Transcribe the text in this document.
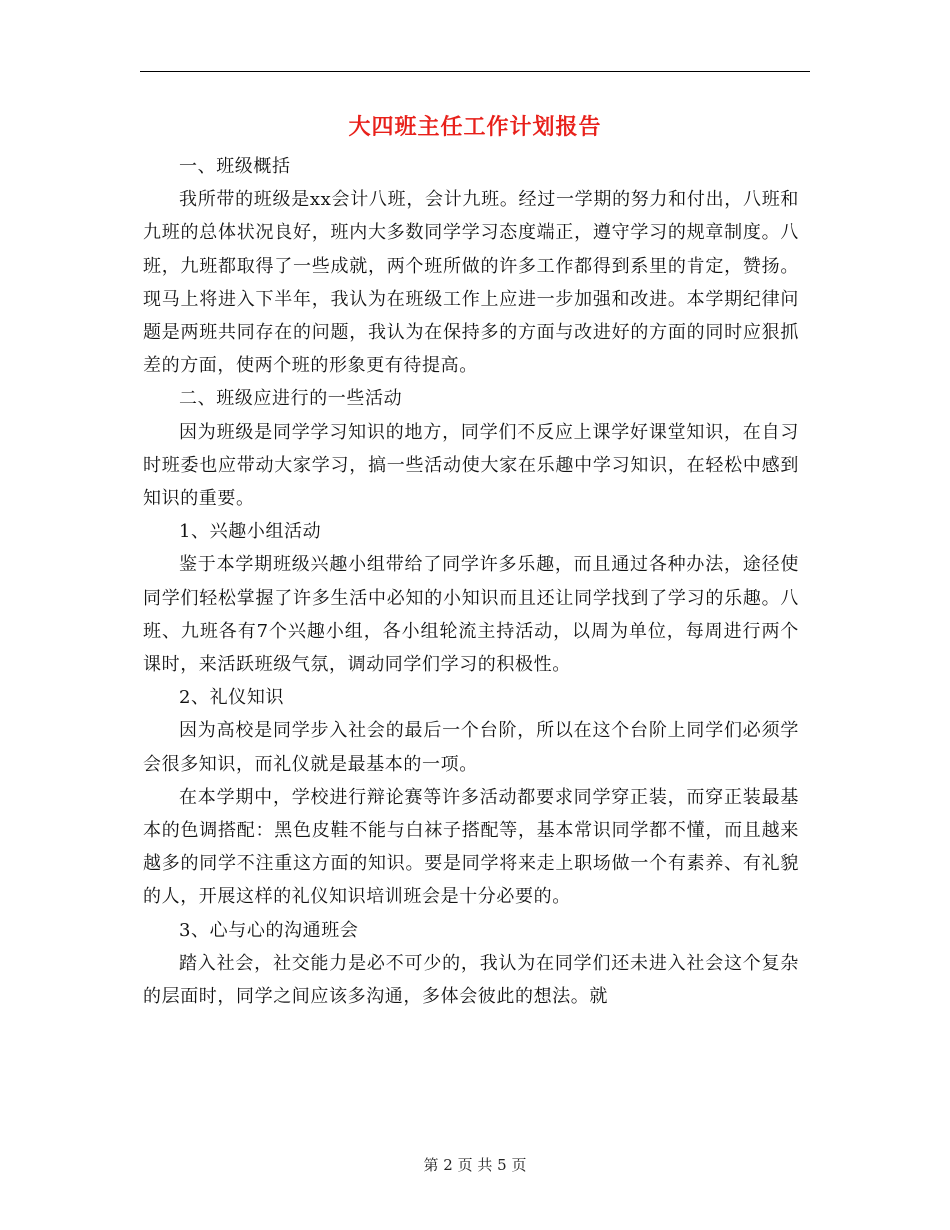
大四班主任工作计划报告

一、班级概括

我所带的班级是xx会计八班，会计九班。经过一学期的努力和付出，八班和九班的总体状况良好，班内大多数同学学习态度端正，遵守学习的规章制度。八班，九班都取得了一些成就，两个班所做的许多工作都得到系里的肯定，赞扬。现马上将进入下半年，我认为在班级工作上应进一步加强和改进。本学期纪律问题是两班共同存在的问题，我认为在保持多的方面与改进好的方面的同时应狠抓差的方面，使两个班的形象更有待提高。

二、班级应进行的一些活动

因为班级是同学学习知识的地方，同学们不反应上课学好课堂知识，在自习时班委也应带动大家学习，搞一些活动使大家在乐趣中学习知识，在轻松中感到知识的重要。

1、兴趣小组活动

鉴于本学期班级兴趣小组带给了同学许多乐趣，而且通过各种办法，途径使同学们轻松掌握了许多生活中必知的小知识而且还让同学找到了学习的乐趣。八班、九班各有7个兴趣小组，各小组轮流主持活动，以周为单位，每周进行两个课时，来活跃班级气氛，调动同学们学习的积极性。

2、礼仪知识

因为高校是同学步入社会的最后一个台阶，所以在这个台阶上同学们必须学会很多知识，而礼仪就是最基本的一项。

在本学期中，学校进行辩论赛等许多活动都要求同学穿正装，而穿正装最基本的色调搭配：黑色皮鞋不能与白袜子搭配等，基本常识同学都不懂，而且越来越多的同学不注重这方面的知识。要是同学将来走上职场做一个有素养、有礼貌的人，开展这样的礼仪知识培训班会是十分必要的。

3、心与心的沟通班会

踏入社会，社交能力是必不可少的，我认为在同学们还未进入社会这个复杂的层面时，同学之间应该多沟通，多体会彼此的想法。就

第 2 页 共 5 页
